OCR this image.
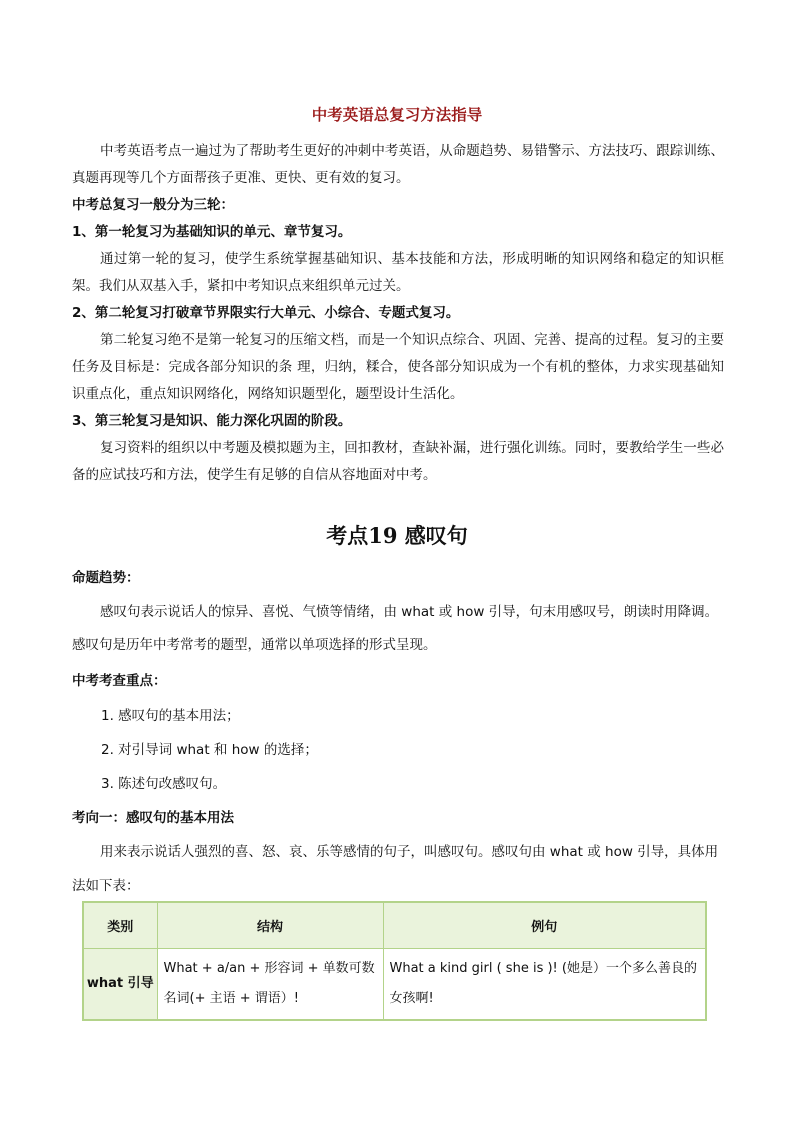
中考英语总复习方法指导
中考英语考点一遍过为了帮助考生更好的冲刺中考英语，从命题趋势、易错警示、方法技巧、跟踪训练、真题再现等几个方面帮孩子更准、更快、更有效的复习。
中考总复习一般分为三轮：
1、第一轮复习为基础知识的单元、章节复习。
通过第一轮的复习，使学生系统掌握基础知识、基本技能和方法，形成明晰的知识网络和稳定的知识框架。我们从双基入手，紧扣中考知识点来组织单元过关。
2、第二轮复习打破章节界限实行大单元、小综合、专题式复习。
第二轮复习绝不是第一轮复习的压缩文档，而是一个知识点综合、巩固、完善、提高的过程。复习的主要任务及目标是：完成各部分知识的条 理，归纳，糅合，使各部分知识成为一个有机的整体，力求实现基础知识重点化，重点知识网络化，网络知识题型化，题型设计生活化。
3、第三轮复习是知识、能力深化巩固的阶段。
复习资料的组织以中考题及模拟题为主，回扣教材，查缺补漏，进行强化训练。同时，要教给学生一些必备的应试技巧和方法，使学生有足够的自信从容地面对中考。
考点19 感叹句
命题趋势：
感叹句表示说话人的惊异、喜悦、气愤等情绪，由 what 或 how 引导，句末用感叹号，朗读时用降调。
感叹句是历年中考常考的题型，通常以单项选择的形式呈现。
中考考查重点：
1. 感叹句的基本用法；
2. 对引导词 what 和 how 的选择；
3. 陈述句改感叹句。
考向一：感叹句的基本用法
用来表示说话人强烈的喜、怒、哀、乐等感情的句子，叫感叹句。感叹句由 what 或 how 引导，具体用
法如下表：
类别	结构	例句
what 引导	What + a/an + 形容词 + 单数可数名词(+ 主语 + 谓语）!	What a kind girl ( she is )! (她是）一个多么善良的女孩啊!
